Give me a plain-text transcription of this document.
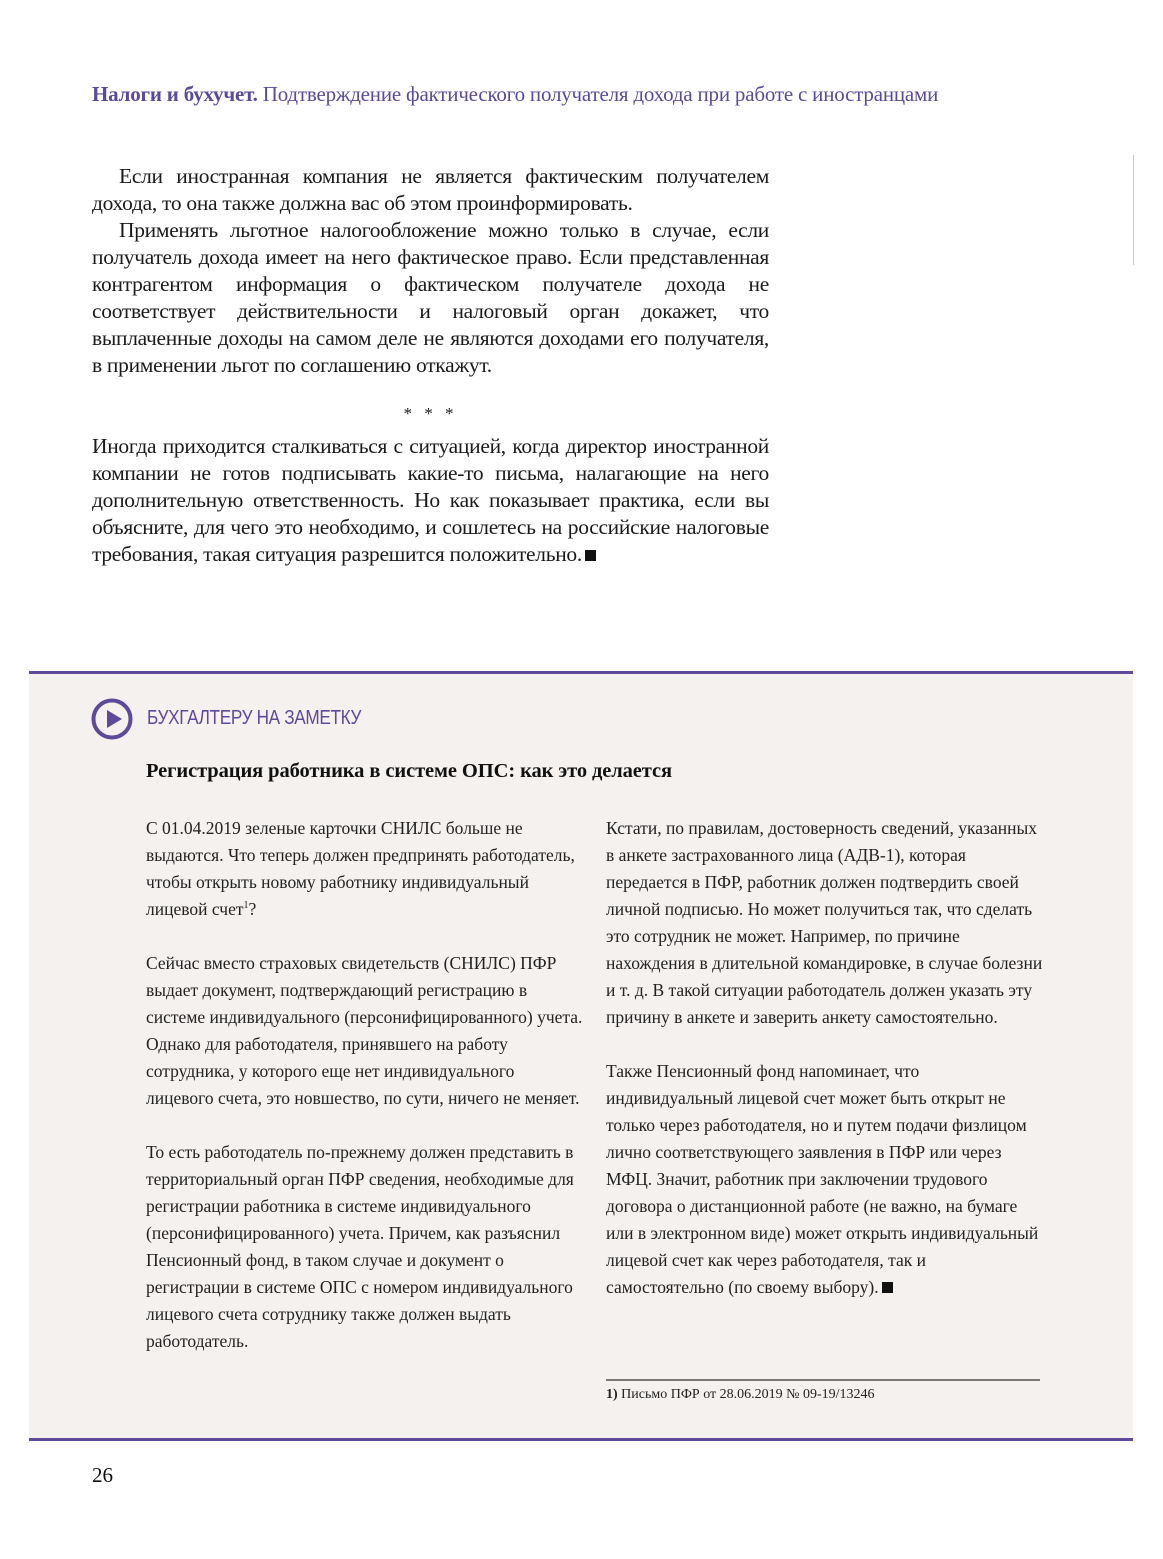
Налоги и бухучет. Подтверждение фактического получателя дохода при работе с иностранцами

Если иностранная компания не является фактическим получателем дохода, то она также должна вас об этом проинформировать.

Применять льготное налогообложение можно только в случае, если получатель дохода имеет на него фактическое право. Если представленная контрагентом информация о фактическом получателе дохода не соответствует действительности и налоговый орган докажет, что выплаченные доходы на самом деле не являются доходами его получателя, в применении льгот по соглашению откажут.

* * *

Иногда приходится сталкиваться с ситуацией, когда директор иностранной компании не готов подписывать какие-то письма, налагающие на него дополнительную ответственность. Но как показывает практика, если вы объясните, для чего это необходимо, и сошлетесь на российские налоговые требования, такая ситуация разрешится положительно.

БУХГАЛТЕРУ НА ЗАМЕТКУ
Регистрация работника в системе ОПС: как это делается

С 01.04.2019 зеленые карточки СНИЛС больше не выдаются. Что теперь должен предпринять работодатель, чтобы открыть новому работнику индивидуальный лицевой счет$^1$?

Сейчас вместо страховых свидетельств (СНИЛС) ПФР выдает документ, подтверждающий регистрацию в системе индивидуального (персонифицированного) учета. Однако для работодателя, принявшего на работу сотрудника, у которого еще нет индивидуального лицевого счета, это новшество, по сути, ничего не меняет.

То есть работодатель по-прежнему должен представить в территориальный орган ПФР сведения, необходимые для регистрации работника в системе индивидуального (персонифицированного) учета. Причем, как разъяснил Пенсионный фонд, в таком случае и документ о регистрации в системе ОПС с номером индивидуального лицевого счета сотруднику также должен выдать работодатель.

Кстати, по правилам, достоверность сведений, указанных в анкете застрахованного лица (АДВ-1), которая передается в ПФР, работник должен подтвердить своей личной подписью. Но может получиться так, что сделать это сотрудник не может. Например, по причине нахождения в длительной командировке, в случае болезни и т. д. В такой ситуации работодатель должен указать эту причину в анкете и заверить анкету самостоятельно.

Также Пенсионный фонд напоминает, что индивидуальный лицевой счет может быть открыт не только через работодателя, но и путем подачи физлицом лично соответствующего заявления в ПФР или через МФЦ. Значит, работник при заключении трудового договора о дистанционной работе (не важно, на бумаге или в электронном виде) может открыть индивидуальный лицевой счет как через работодателя, так и самостоятельно (по своему выбору).

1) Письмо ПФР от 28.06.2019 № 09-19/13246
26
